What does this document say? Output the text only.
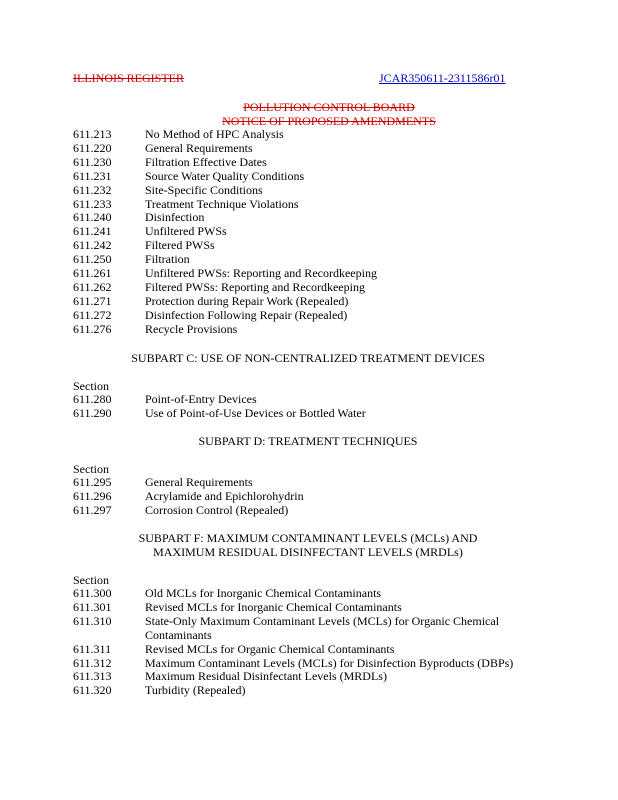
ILLINOIS REGISTER	JCAR350611-2311586r01
POLLUTION CONTROL BOARD
NOTICE OF PROPOSED AMENDMENTS
611.213	No Method of HPC Analysis
611.220	General Requirements
611.230	Filtration Effective Dates
611.231	Source Water Quality Conditions
611.232	Site-Specific Conditions
611.233	Treatment Technique Violations
611.240	Disinfection
611.241	Unfiltered PWSs
611.242	Filtered PWSs
611.250	Filtration
611.261	Unfiltered PWSs: Reporting and Recordkeeping
611.262	Filtered PWSs: Reporting and Recordkeeping
611.271	Protection during Repair Work (Repealed)
611.272	Disinfection Following Repair (Repealed)
611.276	Recycle Provisions
SUBPART C: USE OF NON-CENTRALIZED TREATMENT DEVICES
Section
611.280	Point-of-Entry Devices
611.290	Use of Point-of-Use Devices or Bottled Water
SUBPART D: TREATMENT TECHNIQUES
Section
611.295	General Requirements
611.296	Acrylamide and Epichlorohydrin
611.297	Corrosion Control (Repealed)
SUBPART F: MAXIMUM CONTAMINANT LEVELS (MCLs) AND
MAXIMUM RESIDUAL DISINFECTANT LEVELS (MRDLs)
Section
611.300	Old MCLs for Inorganic Chemical Contaminants
611.301	Revised MCLs for Inorganic Chemical Contaminants
611.310	State-Only Maximum Contaminant Levels (MCLs) for Organic Chemical Contaminants
611.311	Revised MCLs for Organic Chemical Contaminants
611.312	Maximum Contaminant Levels (MCLs) for Disinfection Byproducts (DBPs)
611.313	Maximum Residual Disinfectant Levels (MRDLs)
611.320	Turbidity (Repealed)
